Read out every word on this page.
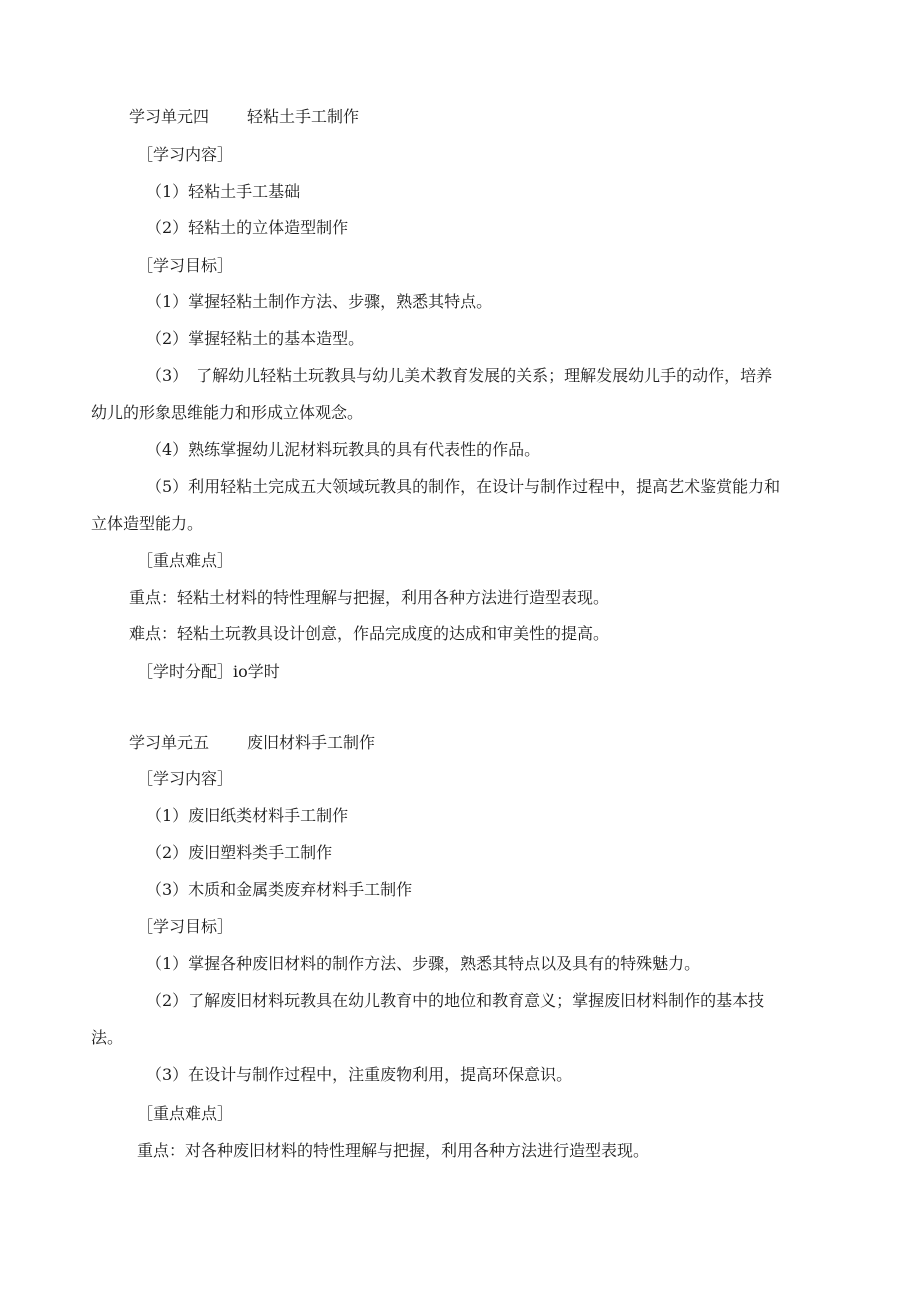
学习单元四 轻粘土手工制作

［学习内容］

（1）轻粘土手工基础

（2）轻粘土的立体造型制作

［学习目标］

（1）掌握轻粘土制作方法、步骤，熟悉其特点。

（2）掌握轻粘土的基本造型。

（3）　了解幼儿轻粘土玩教具与幼儿美术教育发展的关系；理解发展幼儿手的动作，培养

幼儿的形象思维能力和形成立体观念。

（4）熟练掌握幼儿泥材料玩教具的具有代表性的作品。

（5）利用轻粘土完成五大领域玩教具的制作，在设计与制作过程中，提高艺术鉴赏能力和

立体造型能力。

［重点难点］

重点：轻粘土材料的特性理解与把握，利用各种方法进行造型表现。

难点：轻粘土玩教具设计创意，作品完成度的达成和审美性的提高。

［学时分配］io学时

学习单元五 废旧材料手工制作

［学习内容］

（1）废旧纸类材料手工制作

（2）废旧塑料类手工制作

（3）木质和金属类废弃材料手工制作

［学习目标］

（1）掌握各种废旧材料的制作方法、步骤，熟悉其特点以及具有的特殊魅力。

（2）了解废旧材料玩教具在幼儿教育中的地位和教育意义；掌握废旧材料制作的基本技

法。

（3）在设计与制作过程中，注重废物利用，提高环保意识。

［重点难点］

重点：对各种废旧材料的特性理解与把握，利用各种方法进行造型表现。
